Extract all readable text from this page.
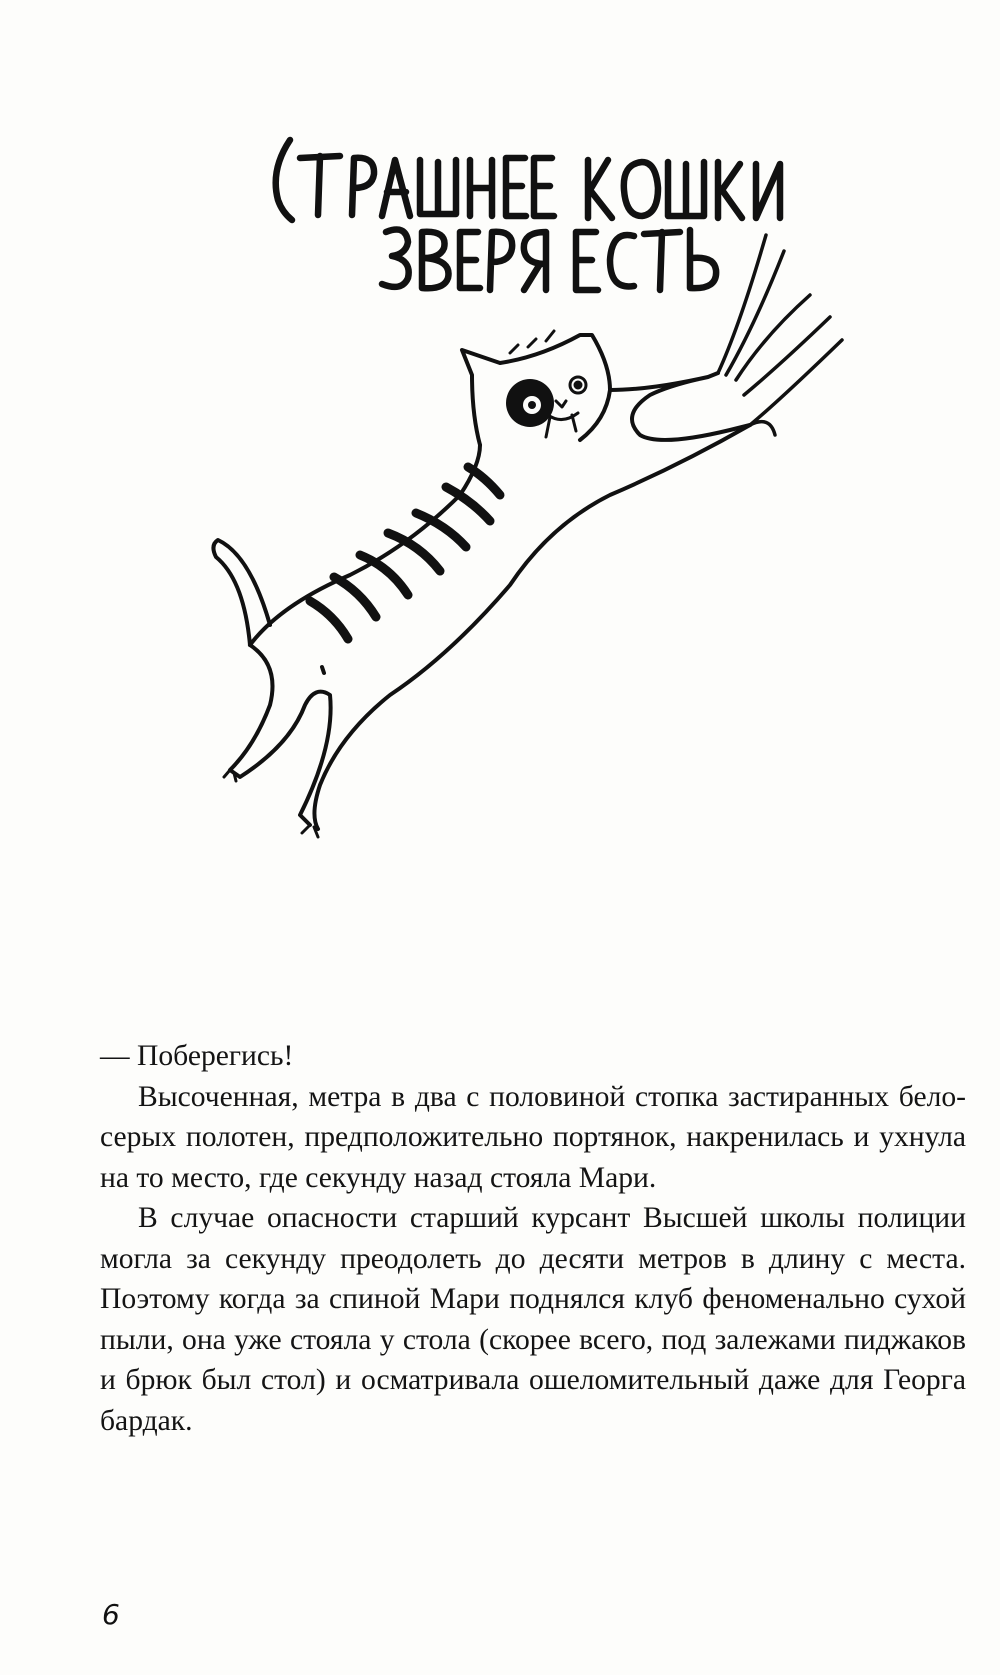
— Поберегись!

Высоченная, метра в два с половиной стопка застиранных бело-серых полотен, предположительно портянок, накренилась и ухнула на то место, где секунду назад стояла Мари.

В случае опасности старший курсант Высшей школы полиции могла за секунду преодолеть до десяти метров в длину с места. Поэтому когда за спиной Мари поднялся клуб феноменально сухой пыли, она уже стояла у стола (скорее всего, под залежами пиджаков и брюк был стол) и осматривала ошеломительный даже для Георга бардак.

6
